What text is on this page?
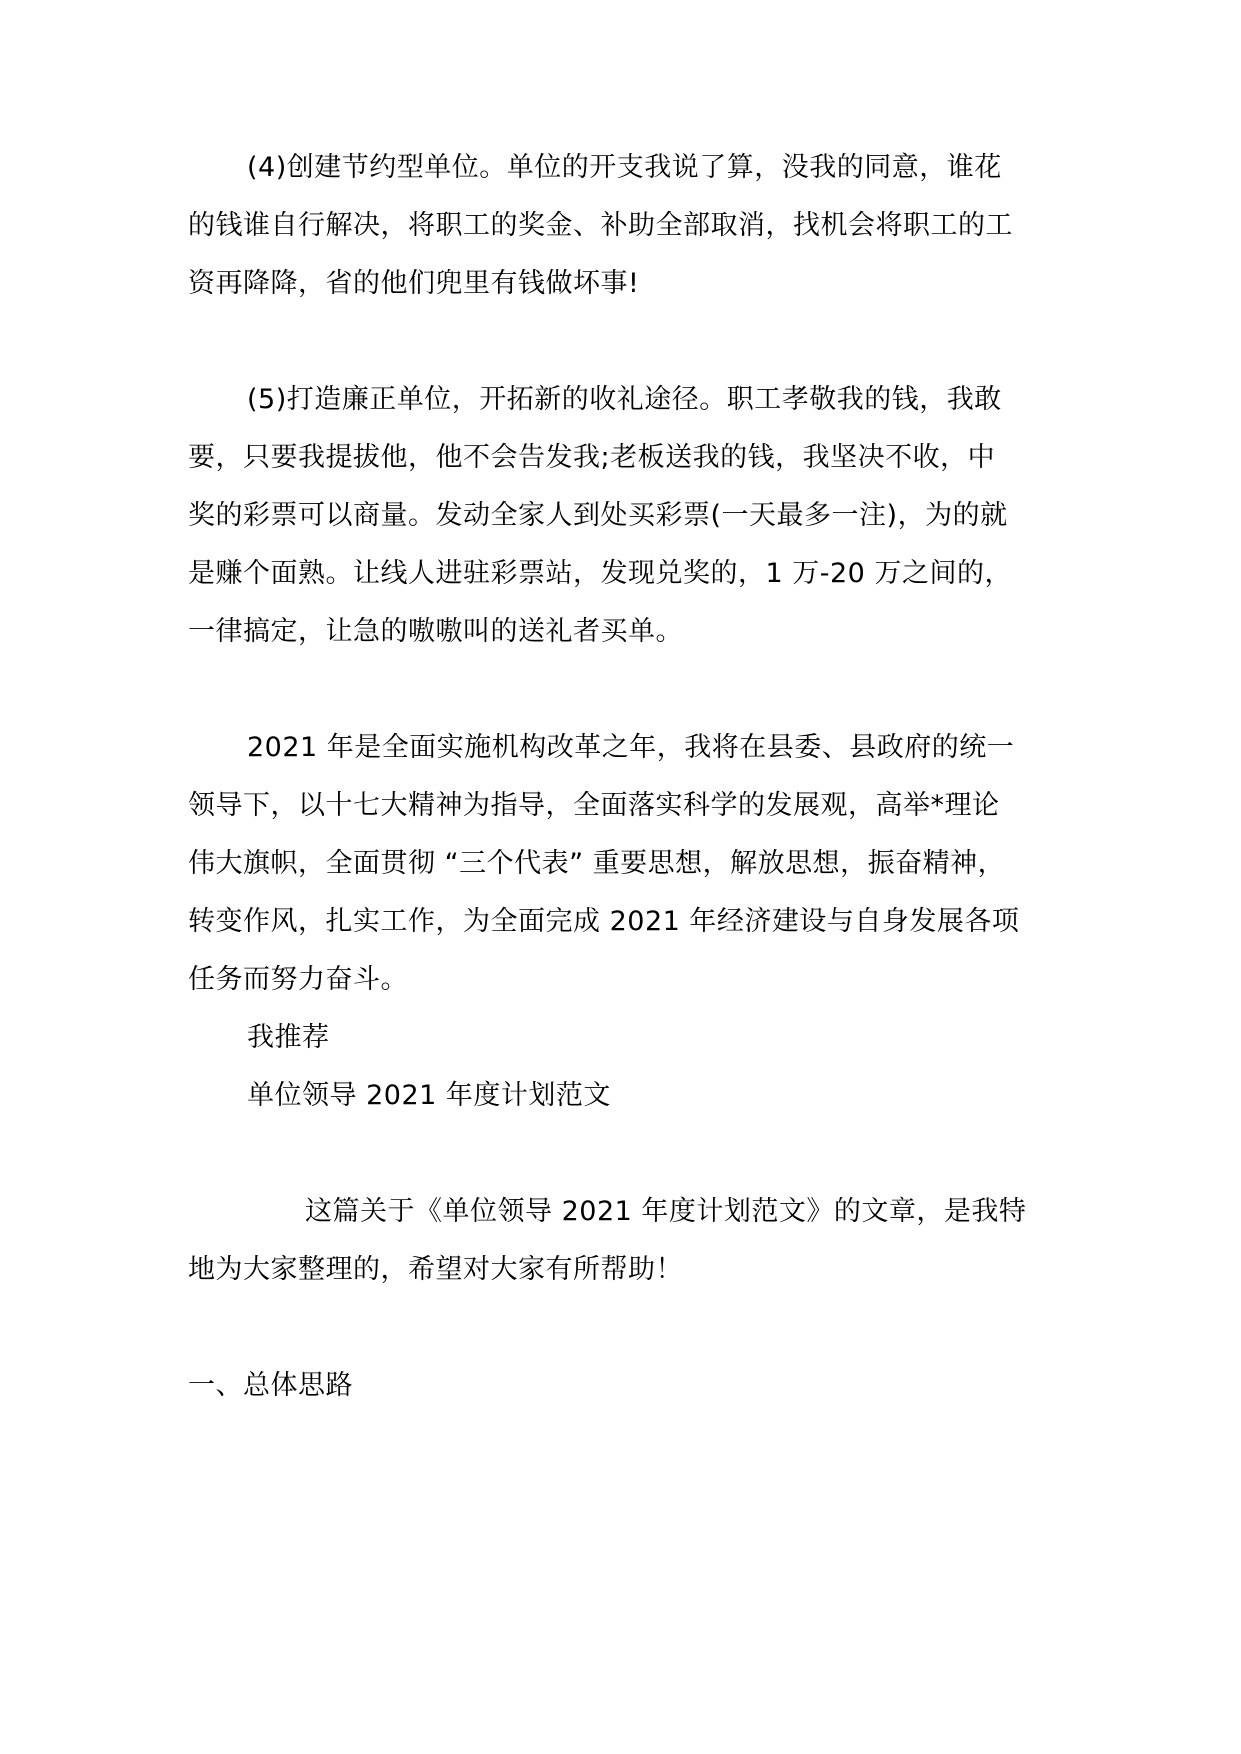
(4)创建节约型单位。单位的开支我说了算，没我的同意，谁花
的钱谁自行解决，将职工的奖金、补助全部取消，找机会将职工的工
资再降降，省的他们兜里有钱做坏事!
(5)打造廉正单位，开拓新的收礼途径。职工孝敬我的钱，我敢
要，只要我提拔他，他不会告发我;老板送我的钱，我坚决不收，中
奖的彩票可以商量。发动全家人到处买彩票(一天最多一注)，为的就
是赚个面熟。让线人进驻彩票站，发现兑奖的，1 万-20 万之间的，
一律搞定，让急的嗷嗷叫的送礼者买单。
2021 年是全面实施机构改革之年，我将在县委、县政府的统一
领导下，以十七大精神为指导，全面落实科学的发展观，高举*理论
伟大旗帜，全面贯彻 “三个代表” 重要思想，解放思想，振奋精神，
转变作风，扎实工作，为全面完成 2021 年经济建设与自身发展各项
任务而努力奋斗。
我推荐
单位领导 2021 年度计划范文
这篇关于《单位领导 2021 年度计划范文》的文章，是我特
地为大家整理的，希望对大家有所帮助！
一、总体思路
